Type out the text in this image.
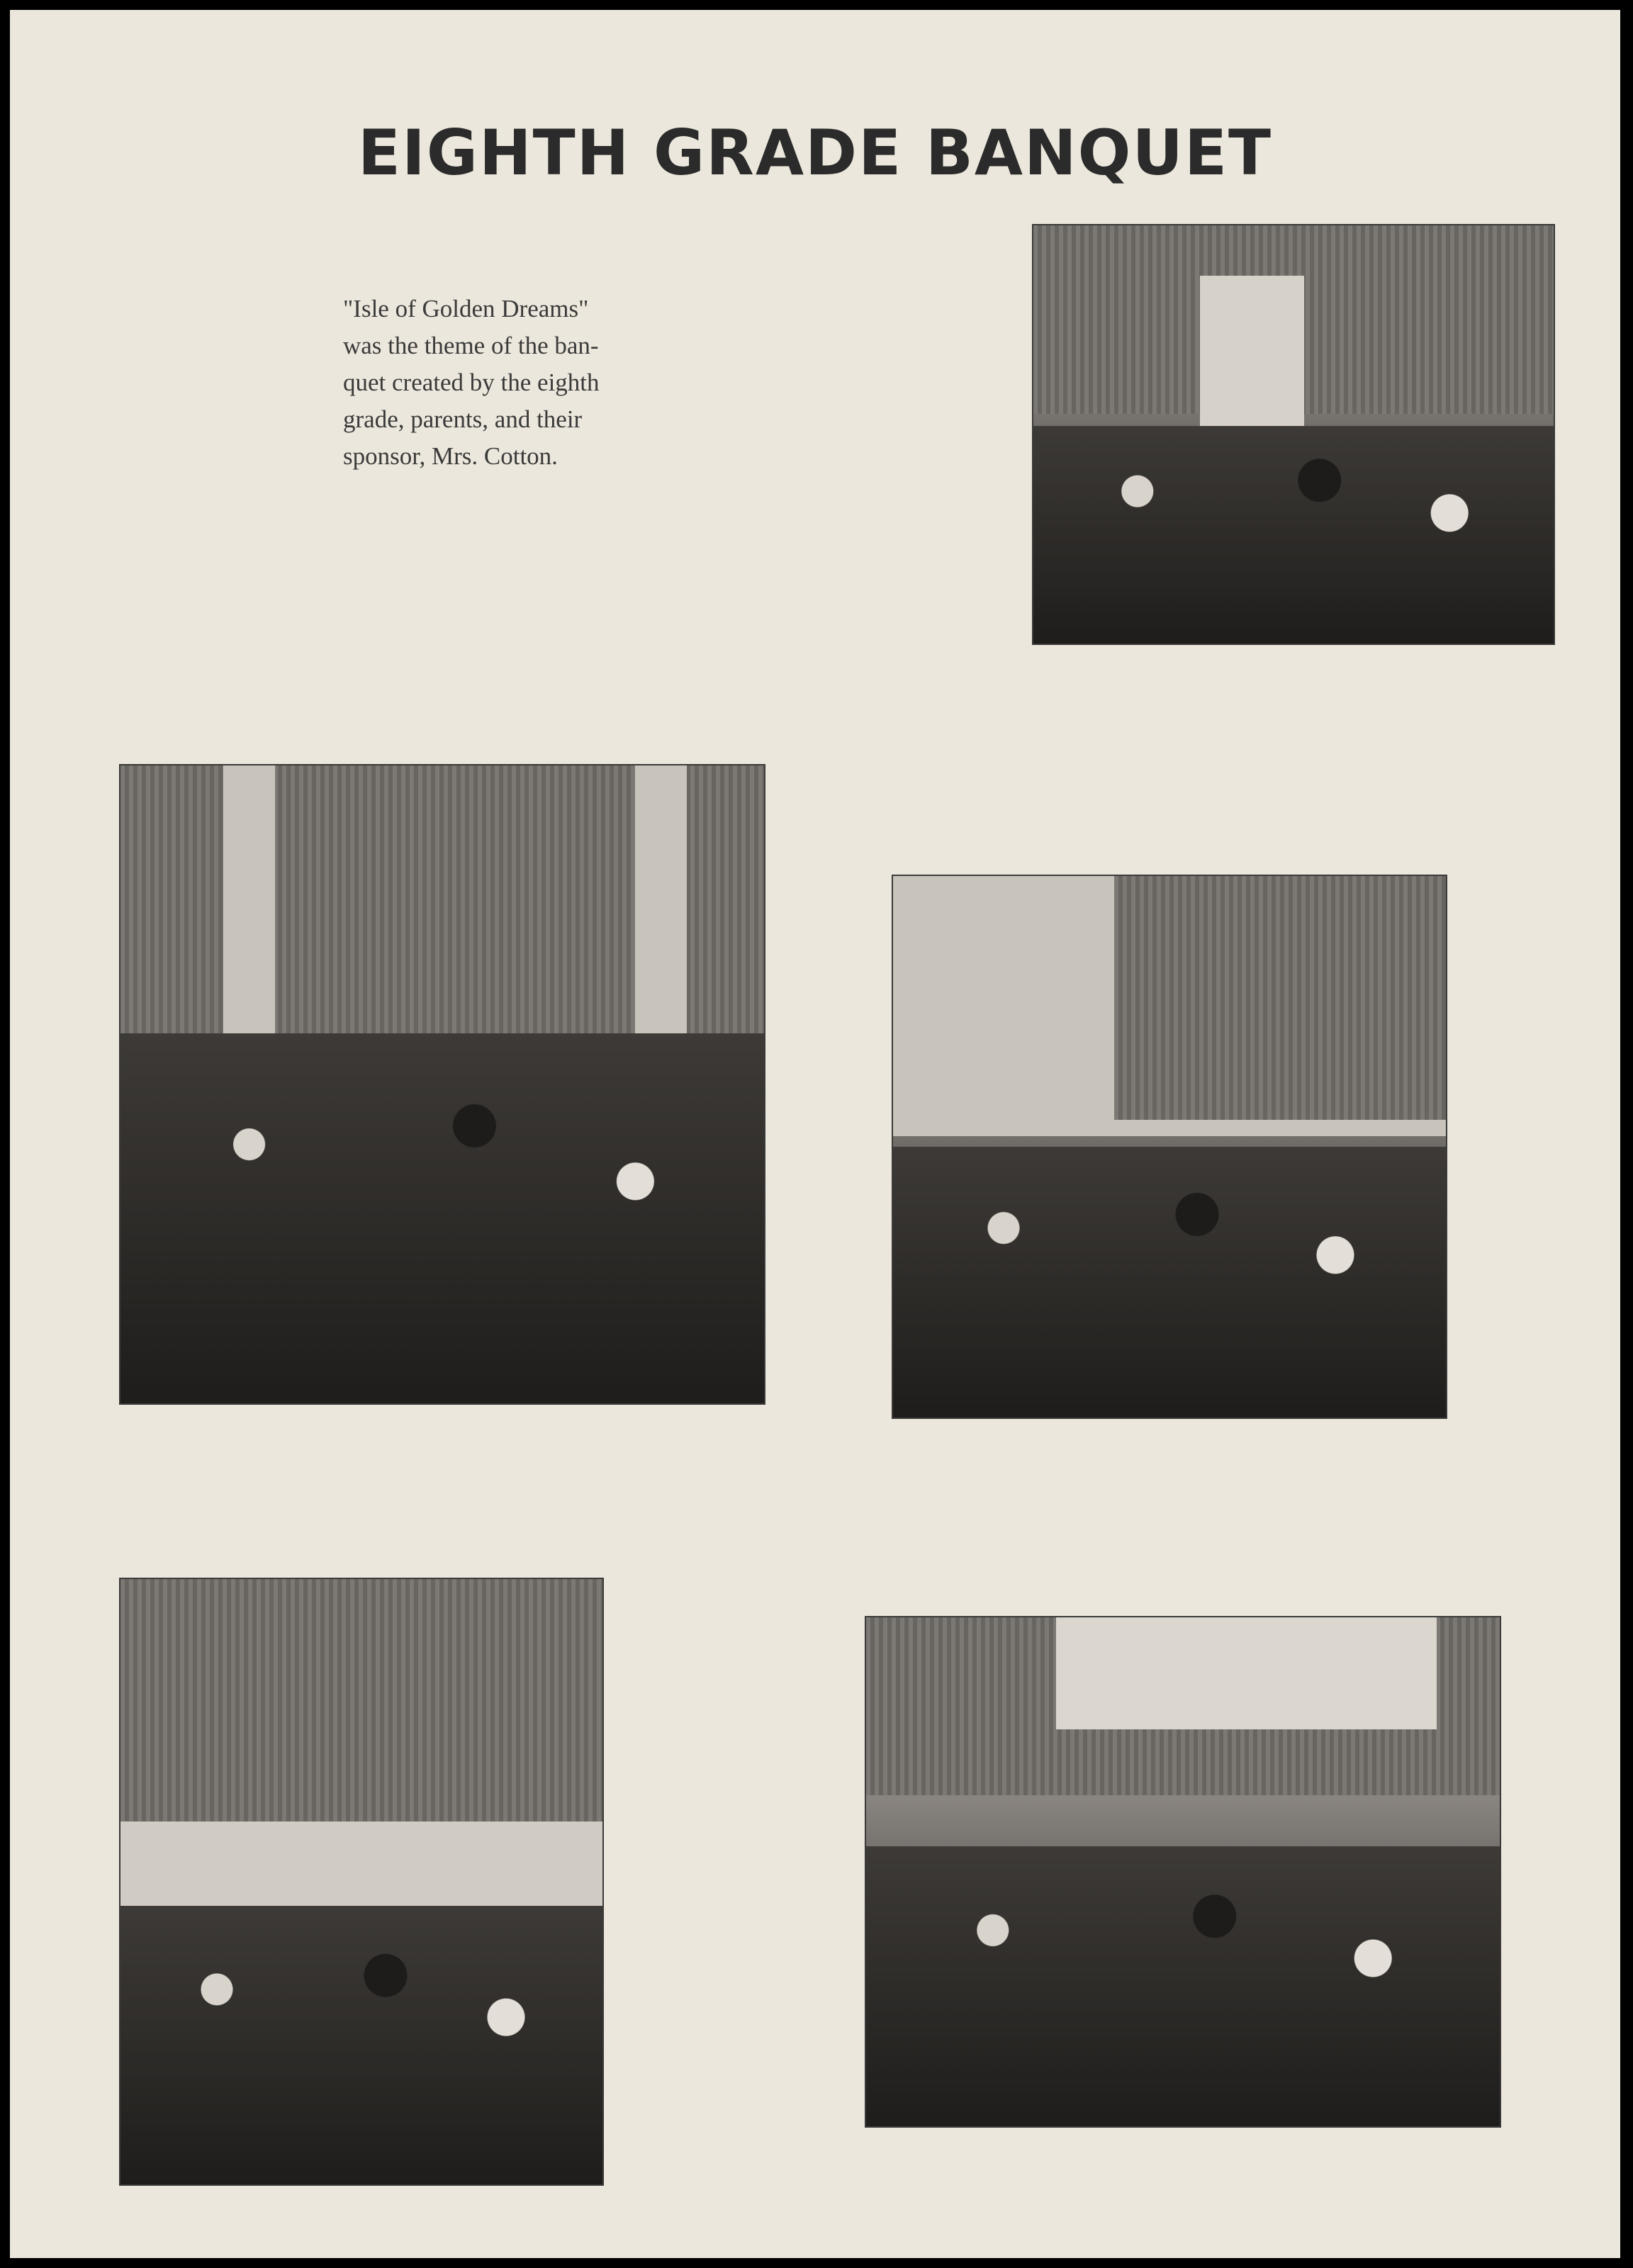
EIGHTH GRADE BANQUET
"Isle of Golden Dreams"
was the theme of the ban-
quet created by the eighth
grade, parents, and their
sponsor, Mrs. Cotton.
